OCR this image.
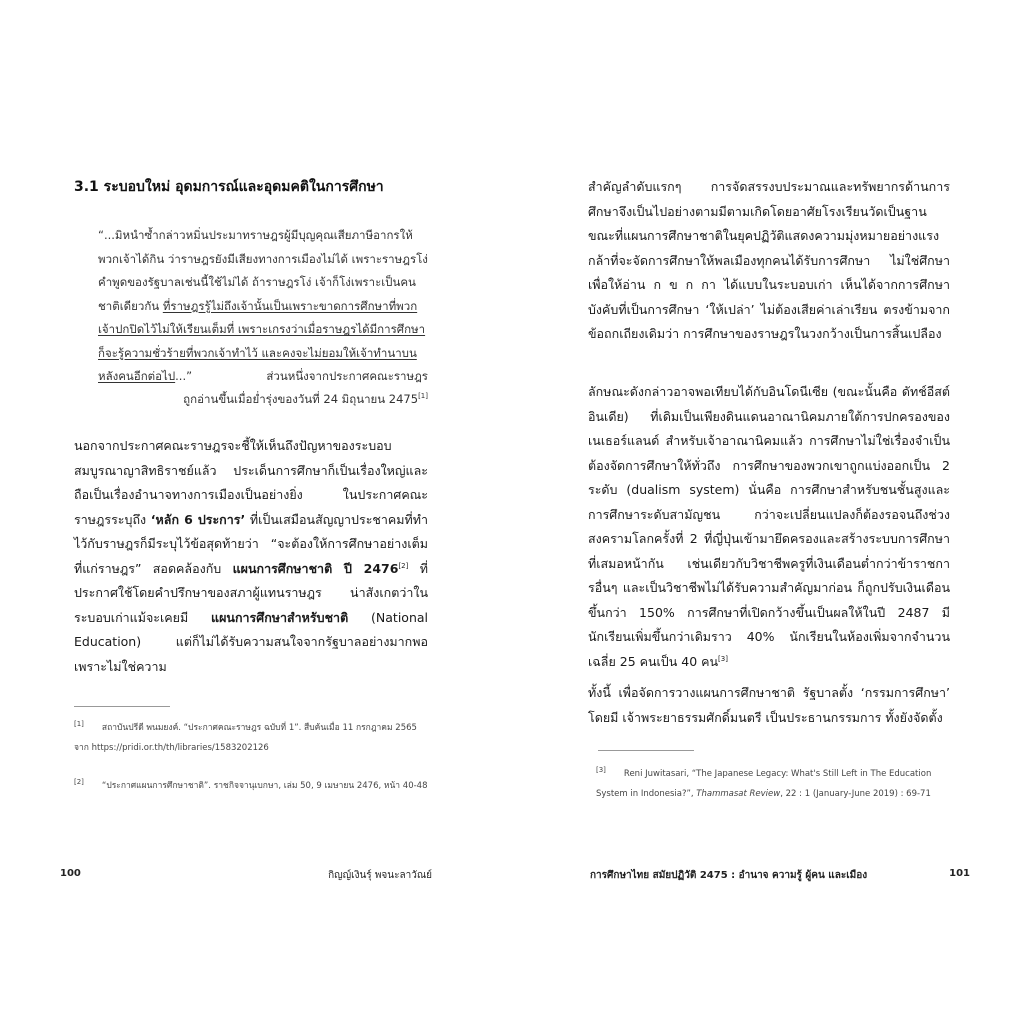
3.1 ระบอบใหม่ อุดมการณ์และอุดมคติในการศึกษา
“...มิหนำซ้ำกล่าวหมิ่นประมาทราษฎรผู้มีบุญคุณเสียภาษีอากรให้พวกเจ้าได้กิน ว่าราษฎรยังมีเสียงทางการเมืองไม่ได้ เพราะราษฎรโง่ คำพูดของรัฐบาลเช่นนี้ใช้ไม่ได้ ถ้าราษฎรโง่ เจ้าก็โง่เพราะเป็นคนชาติเดียวกัน ที่ราษฎรรู้ไม่ถึงเจ้านั้นเป็นเพราะขาดการศึกษาที่พวกเจ้าปกปิดไว้ไม่ให้เรียนเต็มที่ เพราะเกรงว่าเมื่อราษฎรได้มีการศึกษา ก็จะรู้ความชั่วร้ายที่พวกเจ้าทำไว้ และคงจะไม่ยอมให้เจ้าทำนาบนหลังคนอีกต่อไป...”	ส่วนหนึ่งจากประกาศคณะราษฎร
ถูกอ่านขึ้นเมื่อย่ำรุ่งของวันที่ 24 มิถุนายน 2475[1]
นอกจากประกาศคณะราษฎรจะชี้ให้เห็นถึงปัญหาของระบอบสมบูรณาญาสิทธิราชย์แล้ว ประเด็นการศึกษาก็เป็นเรื่องใหญ่และถือเป็นเรื่องอำนาจทางการเมืองเป็นอย่างยิ่ง ในประกาศคณะราษฎรระบุถึง ‘หลัก 6 ประการ’ ที่เป็นเสมือนสัญญาประชาคมที่ทำไว้กับราษฎรก็มีระบุไว้ข้อสุดท้ายว่า “จะต้องให้การศึกษาอย่างเต็มที่แก่ราษฎร” สอดคล้องกับ แผนการศึกษาชาติ ปี 2476[2] ที่ประกาศใช้โดยคำปรึกษาของสภาผู้แทนราษฎร น่าสังเกตว่าในระบอบเก่าแม้จะเคยมี แผนการศึกษาสำหรับชาติ (National Education) แต่ก็ไม่ได้รับความสนใจจากรัฐบาลอย่างมากพอ เพราะไม่ใช่ความ
[1] สถาบันปรีดี พนมยงค์. “ประกาศคณะราษฎร ฉบับที่ 1”. สืบค้นเมื่อ 11 กรกฎาคม 2565 จาก https://pridi.or.th/th/libraries/1583202126
[2] “ประกาศแผนการศึกษาชาติ”. ราชกิจจานุเบกษา, เล่ม 50, 9 เมษายน 2476, หน้า 40-48
100	กิญญ์เงินรุ์ พจนะลาวัณย์
สำคัญลำดับแรกๆ การจัดสรรงบประมาณและทรัพยากรด้านการศึกษาจึงเป็นไปอย่างตามมีตามเกิดโดยอาศัยโรงเรียนวัดเป็นฐาน ขณะที่แผนการศึกษาชาติในยุคปฏิวัติแสดงความมุ่งหมายอย่างแรงกล้าที่จะจัดการศึกษาให้พลเมืองทุกคนได้รับการศึกษา ไม่ใช่ศึกษาเพื่อให้อ่าน ก ข ก กา ได้แบบในระบอบเก่า เห็นได้จากการศึกษาบังคับที่เป็นการศึกษา ‘ให้เปล่า’ ไม่ต้องเสียค่าเล่าเรียน ตรงข้ามจากข้อถกเถียงเดิมว่า การศึกษาของราษฎรในวงกว้างเป็นการสิ้นเปลือง
ลักษณะดังกล่าวอาจพอเทียบได้กับอินโดนีเซีย (ขณะนั้นคือ ดัทช์อีสต์อินเดีย) ที่เดิมเป็นเพียงดินแดนอาณานิคมภายใต้การปกครองของเนเธอร์แลนด์ สำหรับเจ้าอาณานิคมแล้ว การศึกษาไม่ใช่เรื่องจำเป็นต้องจัดการศึกษาให้ทั่วถึง การศึกษาของพวกเขาถูกแบ่งออกเป็น 2 ระดับ (dualism system) นั่นคือ การศึกษาสำหรับชนชั้นสูงและการศึกษาระดับสามัญชน กว่าจะเปลี่ยนแปลงก็ต้องรอจนถึงช่วงสงครามโลกครั้งที่ 2 ที่ญี่ปุ่นเข้ามายึดครองและสร้างระบบการศึกษาที่เสมอหน้ากัน เช่นเดียวกับวิชาชีพครูที่เงินเดือนต่ำกว่าข้าราชการอื่นๆ และเป็นวิชาชีพไม่ได้รับความสำคัญมาก่อน ก็ถูกปรับเงินเดือนขึ้นกว่า 150% การศึกษาที่เปิดกว้างขึ้นเป็นผลให้ในปี 2487 มีนักเรียนเพิ่มขึ้นกว่าเดิมราว 40% นักเรียนในห้องเพิ่มจากจำนวนเฉลี่ย 25 คนเป็น 40 คน[3]
ทั้งนี้ เพื่อจัดการวางแผนการศึกษาชาติ รัฐบาลตั้ง ‘กรรมการศึกษา’ โดยมี เจ้าพระยาธรรมศักดิ์มนตรี เป็นประธานกรรมการ ทั้งยังจัดตั้ง
[3] Reni Juwitasari, “The Japanese Legacy: What's Still Left in The Education System in Indonesia?”, Thammasat Review, 22 : 1 (January-June 2019) : 69-71
การศึกษาไทย สมัยปฏิวัติ 2475 : อำนาจ ความรู้ ผู้คน และเมือง	101
